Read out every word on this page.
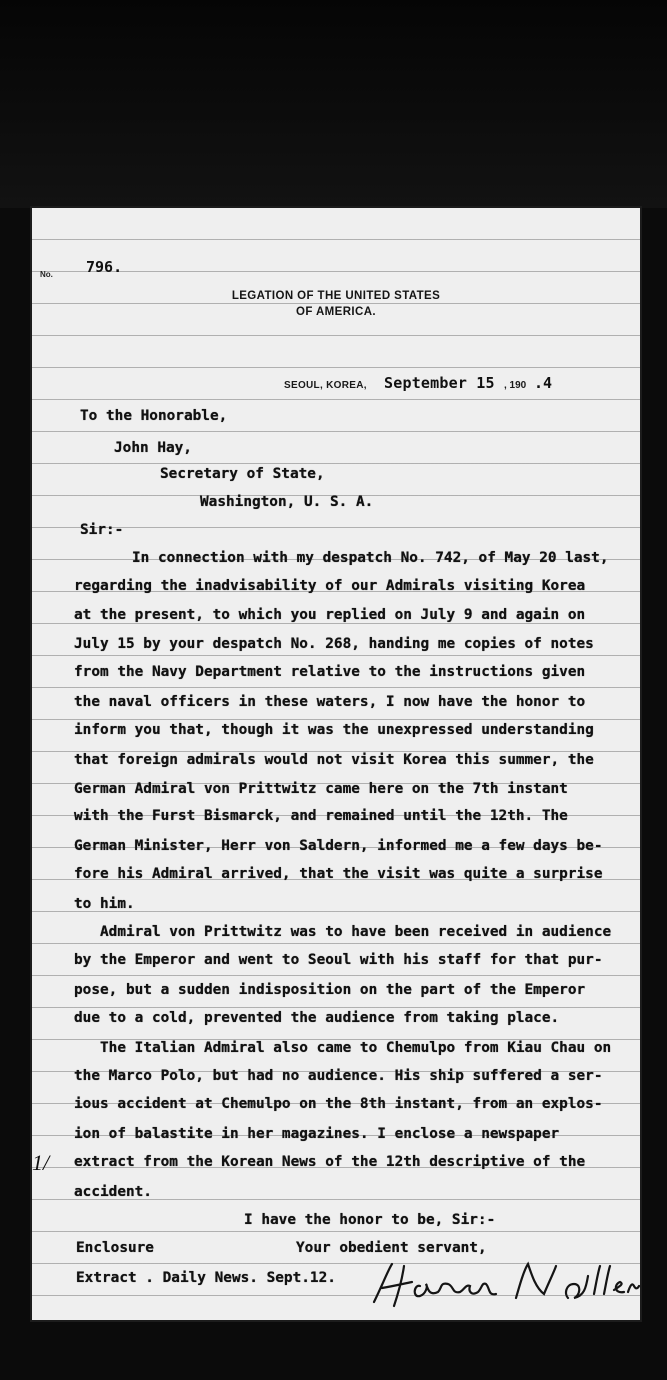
No. 796.
LEGATION OF THE UNITED STATES

OF AMERICA.
SEOUL, KOREA, September 15 , 190 .4
To the Honorable,
John Hay,
Secretary of State,
Washington, U. S. A.
Sir:-
In connection with my despatch No. 742, of May 20 last,
regarding the inadvisability of our Admirals visiting Korea
at the present, to which you replied on July 9 and again on
July 15 by your despatch No. 268, handing me copies of notes
from the Navy Department relative to the instructions given
the naval officers in these waters, I now have the honor to
inform you that, though it was the unexpressed understanding
that foreign admirals would not visit Korea this summer, the
German Admiral von Prittwitz came here on the 7th instant
with the Furst Bismarck, and remained until the 12th. The
German Minister, Herr von Saldern, informed me a few days be-
fore his Admiral arrived, that the visit was quite a surprise
to him.
Admiral von Prittwitz was to have been received in audience
by the Emperor and went to Seoul with his staff for that pur-
pose, but a sudden indisposition on the part of the Emperor
due to a cold, prevented the audience from taking place.
The Italian Admiral also came to Chemulpo from Kiau Chau on
the Marco Polo, but had no audience. His ship suffered a ser-
ious accident at Chemulpo on the 8th instant, from an explos-
ion of balastite in her magazines. I enclose a newspaper
extract from the Korean News of the 12th descriptive of the
accident.
1/
I have the honor to be, Sir:-
Enclosure	Your obedient servant,
Extract . Daily News. Sept.12.
